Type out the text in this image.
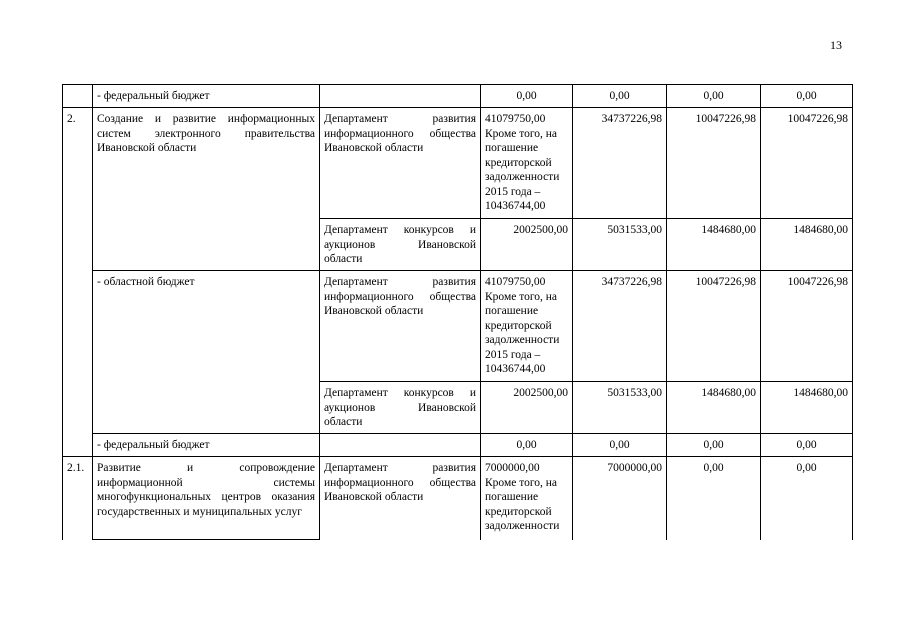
13
	- федеральный бюджет		0,00	0,00	0,00	0,00
2.	Создание и развитие информационных систем электронного правительства Ивановской области	Департамент развития информационного общества Ивановской области	41079750,00 Кроме того, на погашение кредиторской задолженности 2015 года – 10436744,00	34737226,98	10047226,98	10047226,98
		Департамент конкурсов и аукционов Ивановской области	2002500,00	5031533,00	1484680,00	1484680,00
	- областной бюджет	Департамент развития информационного общества Ивановской области	41079750,00 Кроме того, на погашение кредиторской задолженности 2015 года – 10436744,00	34737226,98	10047226,98	10047226,98
		Департамент конкурсов и аукционов Ивановской области	2002500,00	5031533,00	1484680,00	1484680,00
	- федеральный бюджет		0,00	0,00	0,00	0,00
2.1.	Развитие и сопровождение информационной системы многофункциональных центров оказания государственных и муниципальных услуг	Департамент развития информационного общества Ивановской области	7000000,00 Кроме того, на погашение кредиторской задолженности	7000000,00	0,00	0,00
